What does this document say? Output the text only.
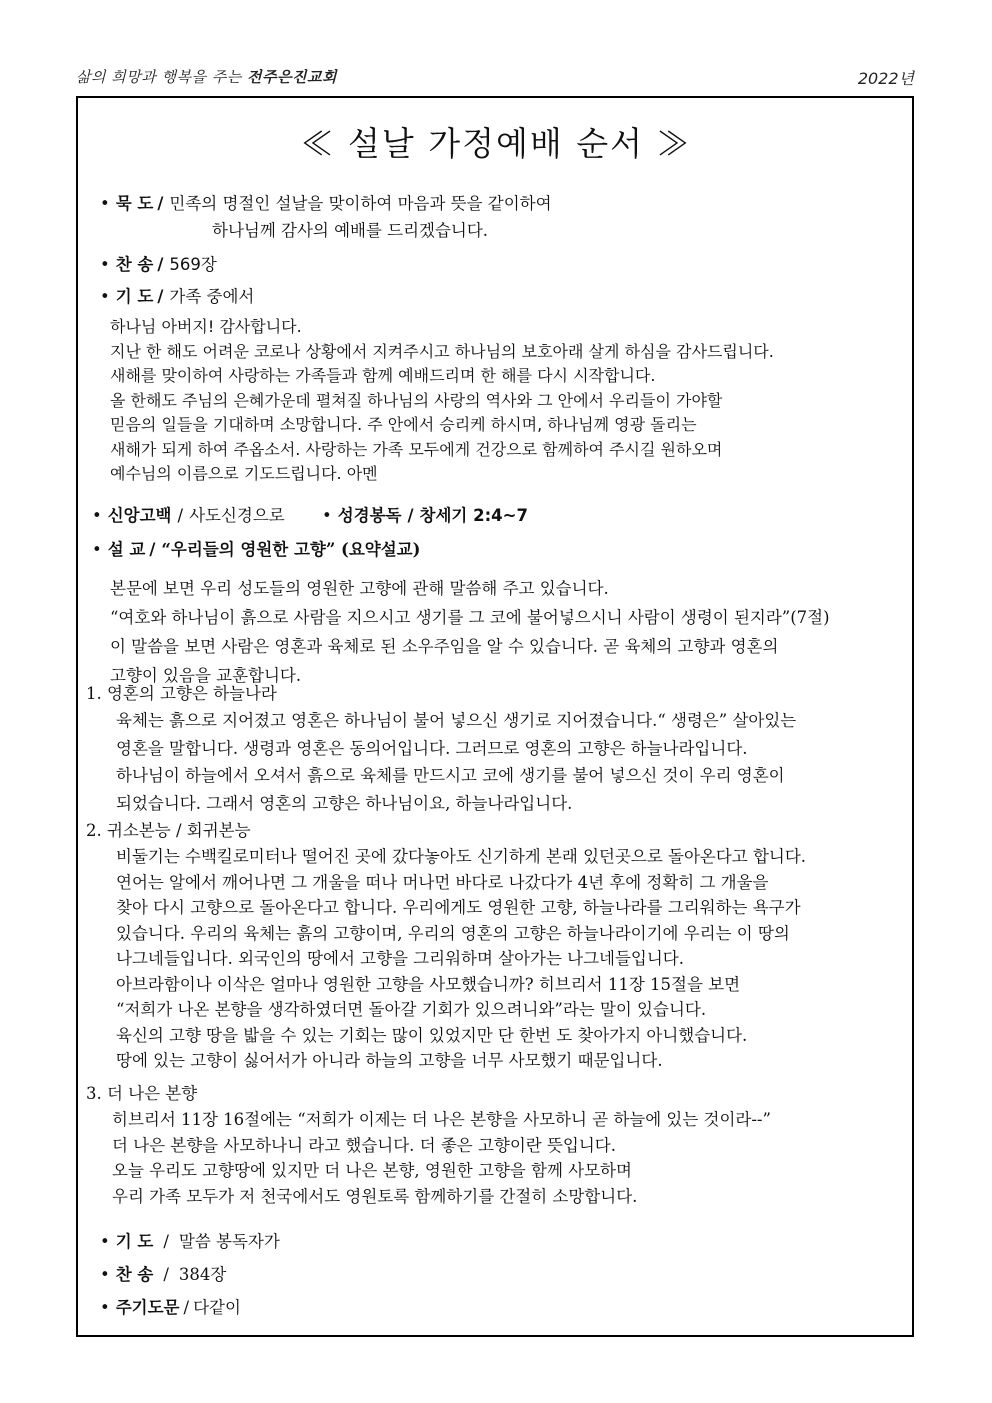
삶의 희망과 행복을 주는 전주은진교회	2022년
≪ 설날 가정예배 순서 ≫
• 묵 도 / 민족의 명절인 설날을 맞이하여 마음과 뜻을 같이하여
하나님께 감사의 예배를 드리겠습니다.
• 찬 송 / 569장
• 기 도 / 가족 중에서
하나님 아버지! 감사합니다.
지난 한 해도 어려운 코로나 상황에서 지켜주시고 하나님의 보호아래 살게 하심을 감사드립니다.
새해를 맞이하여 사랑하는 가족들과 함께 예배드리며 한 해를 다시 시작합니다.
올 한해도 주님의 은혜가운데 펼쳐질 하나님의 사랑의 역사와 그 안에서 우리들이 가야할
믿음의 일들을 기대하며 소망합니다. 주 안에서 승리케 하시며, 하나님께 영광 돌리는
새해가 되게 하여 주옵소서. 사랑하는 가족 모두에게 건강으로 함께하여 주시길 원하오며
예수님의 이름으로 기도드립니다. 아멘
• 신앙고백 / 사도신경으로 • 성경봉독 / 창세기 2:4~7
• 설 교 / “우리들의 영원한 고향” (요약설교)
본문에 보면 우리 성도들의 영원한 고향에 관해 말씀해 주고 있습니다.
“여호와 하나님이 흙으로 사람을 지으시고 생기를 그 코에 불어넣으시니 사람이 생령이 된지라”(7절)
이 말씀을 보면 사람은 영혼과 육체로 된 소우주임을 알 수 있습니다. 곧 육체의 고향과 영혼의
고향이 있음을 교훈합니다.
1. 영혼의 고향은 하늘나라
육체는 흙으로 지어졌고 영혼은 하나님이 불어 넣으신 생기로 지어졌습니다.“ 생령은” 살아있는
영혼을 말합니다. 생령과 영혼은 동의어입니다. 그러므로 영혼의 고향은 하늘나라입니다.
하나님이 하늘에서 오셔서 흙으로 육체를 만드시고 코에 생기를 불어 넣으신 것이 우리 영혼이
되었습니다. 그래서 영혼의 고향은 하나님이요, 하늘나라입니다.
2. 귀소본능 / 회귀본능
비둘기는 수백킬로미터나 떨어진 곳에 갔다놓아도 신기하게 본래 있던곳으로 돌아온다고 합니다.
연어는 알에서 깨어나면 그 개울을 떠나 머나먼 바다로 나갔다가 4년 후에 정확히 그 개울을
찾아 다시 고향으로 돌아온다고 합니다. 우리에게도 영원한 고향, 하늘나라를 그리워하는 욕구가
있습니다. 우리의 육체는 흙의 고향이며, 우리의 영혼의 고향은 하늘나라이기에 우리는 이 땅의
나그네들입니다. 외국인의 땅에서 고향을 그리워하며 살아가는 나그네들입니다.
아브라함이나 이삭은 얼마나 영원한 고향을 사모했습니까? 히브리서 11장 15절을 보면
“저희가 나온 본향을 생각하였더면 돌아갈 기회가 있으려니와”라는 말이 있습니다.
육신의 고향 땅을 밟을 수 있는 기회는 많이 있었지만 단 한번 도 찾아가지 아니했습니다.
땅에 있는 고향이 싫어서가 아니라 하늘의 고향을 너무 사모했기 때문입니다.
3. 더 나은 본향
히브리서 11장 16절에는 “저희가 이제는 더 나은 본향을 사모하니 곧 하늘에 있는 것이라--”
더 나은 본향을 사모하나니 라고 했습니다. 더 좋은 고향이란 뜻입니다.
오늘 우리도 고향땅에 있지만 더 나은 본향, 영원한 고향을 함께 사모하며
우리 가족 모두가 저 천국에서도 영원토록 함께하기를 간절히 소망합니다.
• 기 도 / 말씀 봉독자가
• 찬 송 / 384장
• 주기도문 / 다같이
